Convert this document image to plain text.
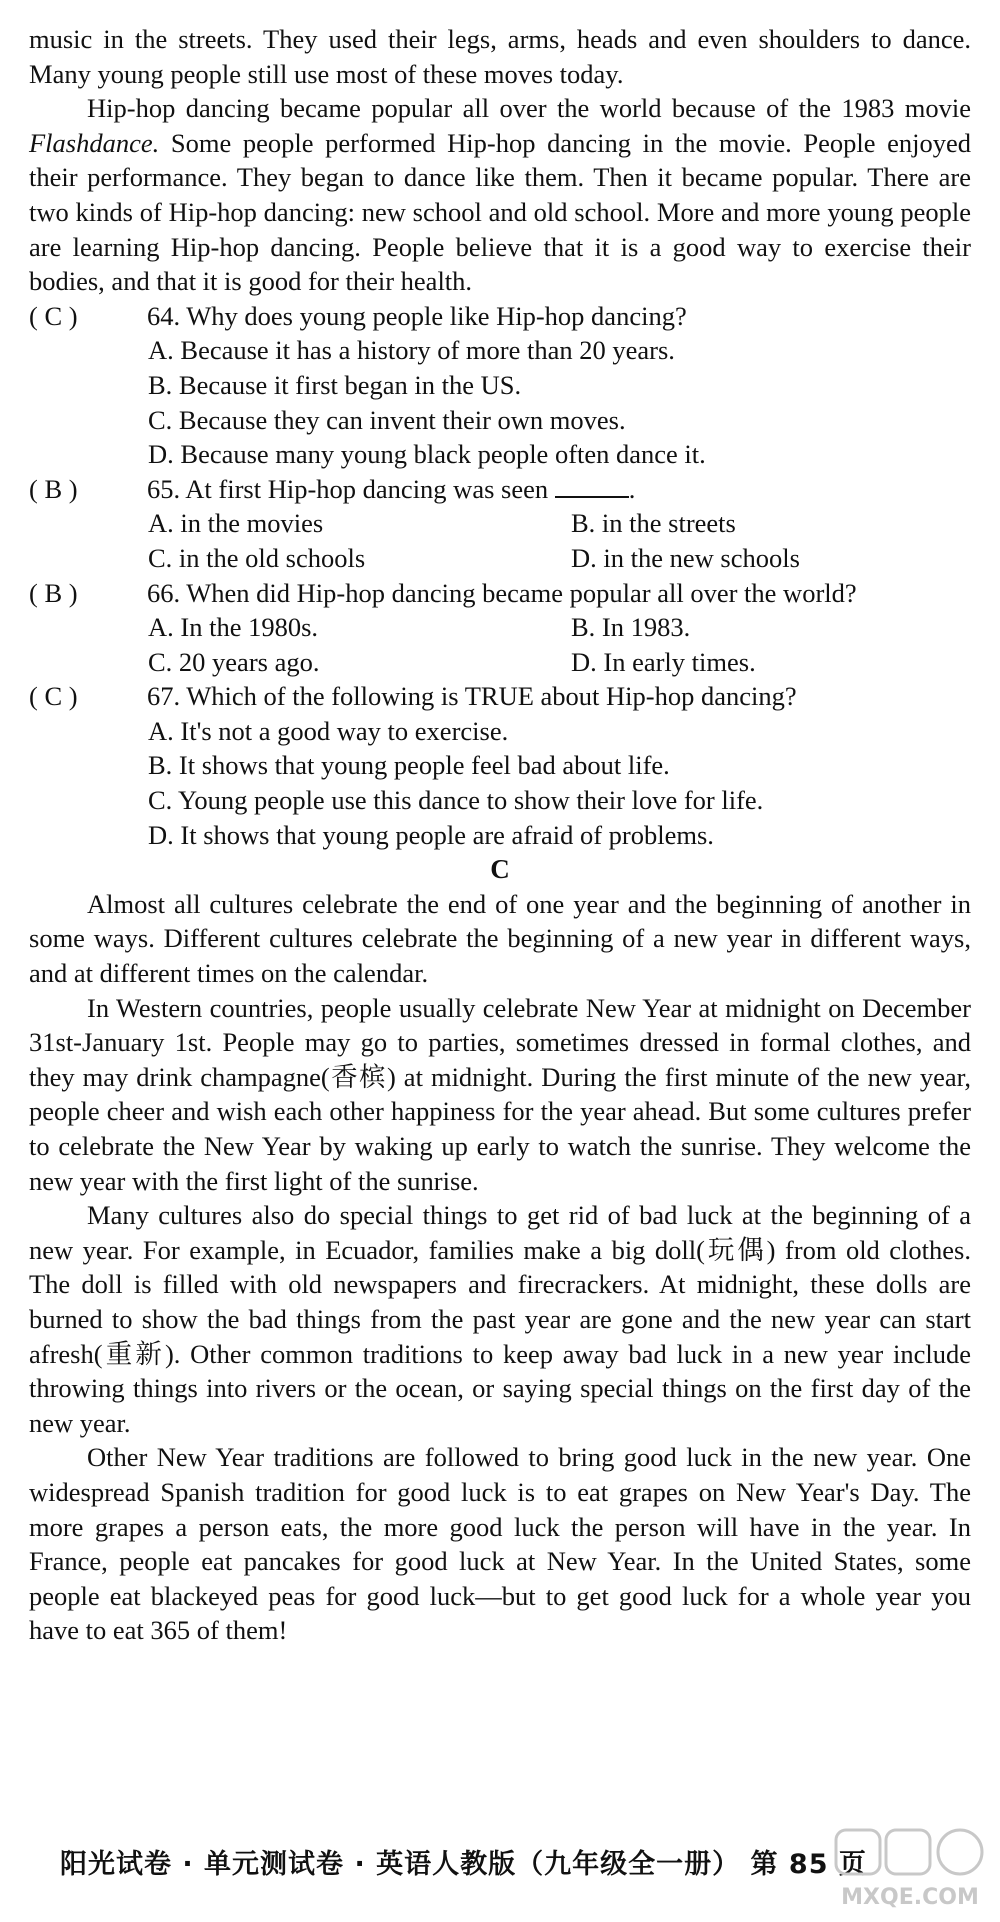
music in the streets. They used their legs, arms, heads and even shoulders to dance. Many young people still use most of these moves today.

Hip-hop dancing became popular all over the world because of the 1983 movie Flashdance. Some people performed Hip-hop dancing in the movie. People enjoyed their performance. They began to dance like them. Then it became popular. There are two kinds of Hip-hop dancing: new school and old school. More and more young people are learning Hip-hop dancing. People believe that it is a good way to exercise their bodies, and that it is good for their health.

( C )	64. Why does young people like Hip-hop dancing?

A. Because it has a history of more than 20 years.

B. Because it first began in the US.

C. Because they can invent their own moves.

D. Because many young black people often dance it.

( B )	65. At first Hip-hop dancing was seen	.

A. in the movies	B. in the streets
C. in the old schools	D. in the new schools

( B )	66. When did Hip-hop dancing became popular all over the world?

A. In the 1980s.	B. In 1983.
C. 20 years ago.	D. In early times.

( C )	67. Which of the following is TRUE about Hip-hop dancing?

A. It's not a good way to exercise.

B. It shows that young people feel bad about life.

C. Young people use this dance to show their love for life.

D. It shows that young people are afraid of problems.

C

Almost all cultures celebrate the end of one year and the beginning of another in some ways. Different cultures celebrate the beginning of a new year in different ways, and at different times on the calendar.

In Western countries, people usually celebrate New Year at midnight on December 31st-January 1st. People may go to parties, sometimes dressed in formal clothes, and they may drink champagne(香槟) at midnight. During the first minute of the new year, people cheer and wish each other happiness for the year ahead. But some cultures prefer to celebrate the New Year by waking up early to watch the sunrise. They welcome the new year with the first light of the sunrise.

Many cultures also do special things to get rid of bad luck at the beginning of a new year. For example, in Ecuador, families make a big doll(玩偶) from old clothes. The doll is filled with old newspapers and firecrackers. At midnight, these dolls are burned to show the bad things from the past year are gone and the new year can start afresh(重新). Other common traditions to keep away bad luck in a new year include throwing things into rivers or the ocean, or saying special things on the first day of the new year.

Other New Year traditions are followed to bring good luck in the new year. One widespread Spanish tradition for good luck is to eat grapes on New Year's Day. The more grapes a person eats, the more good luck the person will have in the year. In France, people eat pancakes for good luck at New Year. In the United States, some people eat blackeyed peas for good luck—but to get good luck for a whole year you have to eat 365 of them!

阳光试卷 · 单元测试卷 · 英语人教版（九年级全一册） 第 85 页
MXQE.COM
